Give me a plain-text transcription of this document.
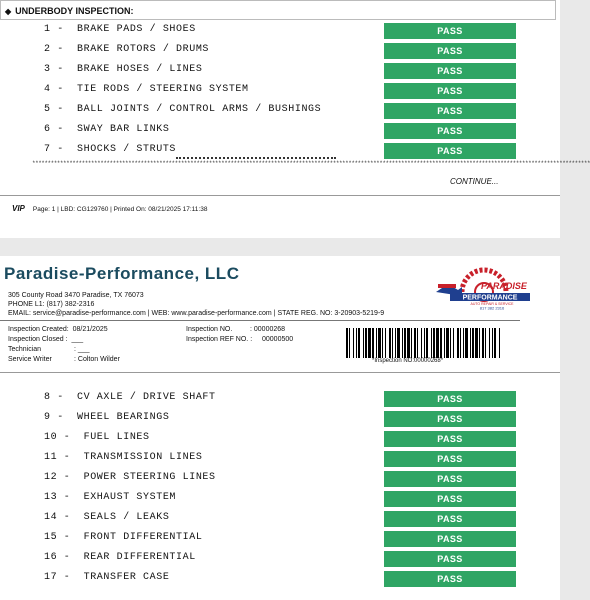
◆ UNDERBODY INSPECTION:
1 -  BRAKE PADS / SHOES	PASS
2 -  BRAKE ROTORS / DRUMS	PASS
3 -  BRAKE HOSES / LINES	PASS
4 -  TIE RODS / STEERING SYSTEM	PASS
5 -  BALL JOINTS / CONTROL ARMS / BUSHINGS	PASS
6 -  SWAY BAR LINKS	PASS
7 -  SHOCKS / STRUTS	PASS
************************************************************************************************************************************************************************************
CONTINUE...
VIP Page: 1 | LBD: CG129760 | Printed On: 08/21/2025 17:11:38
Paradise-Performance, LLC
305 County Road 3470 Paradise, TX 76073
PHONE L1: (817) 382-2316
EMAIL: service@paradise-performance.com | WEB: www.paradise-performance.com | STATE REG. NO: 3-20903-5219-9
PARADISE
PERFORMANCE
AUTO REPAIR & SERVICE
817 382 2316
Inspection Created: 08/21/2025
Inspection Closed : ___
Technician	: ___
Service Writer	: Colton Wilder
Inspection NO.	: 00000268
Inspection REF NO. : 00000500
*Inspection NO:00000268*
8 -  CV AXLE / DRIVE SHAFT	PASS
9 -  WHEEL BEARINGS	PASS
10 -  FUEL LINES	PASS
11 -  TRANSMISSION LINES	PASS
12 -  POWER STEERING LINES	PASS
13 -  EXHAUST SYSTEM	PASS
14 -  SEALS / LEAKS	PASS
15 -  FRONT DIFFERENTIAL	PASS
16 -  REAR DIFFERENTIAL	PASS
17 -  TRANSFER CASE	PASS
